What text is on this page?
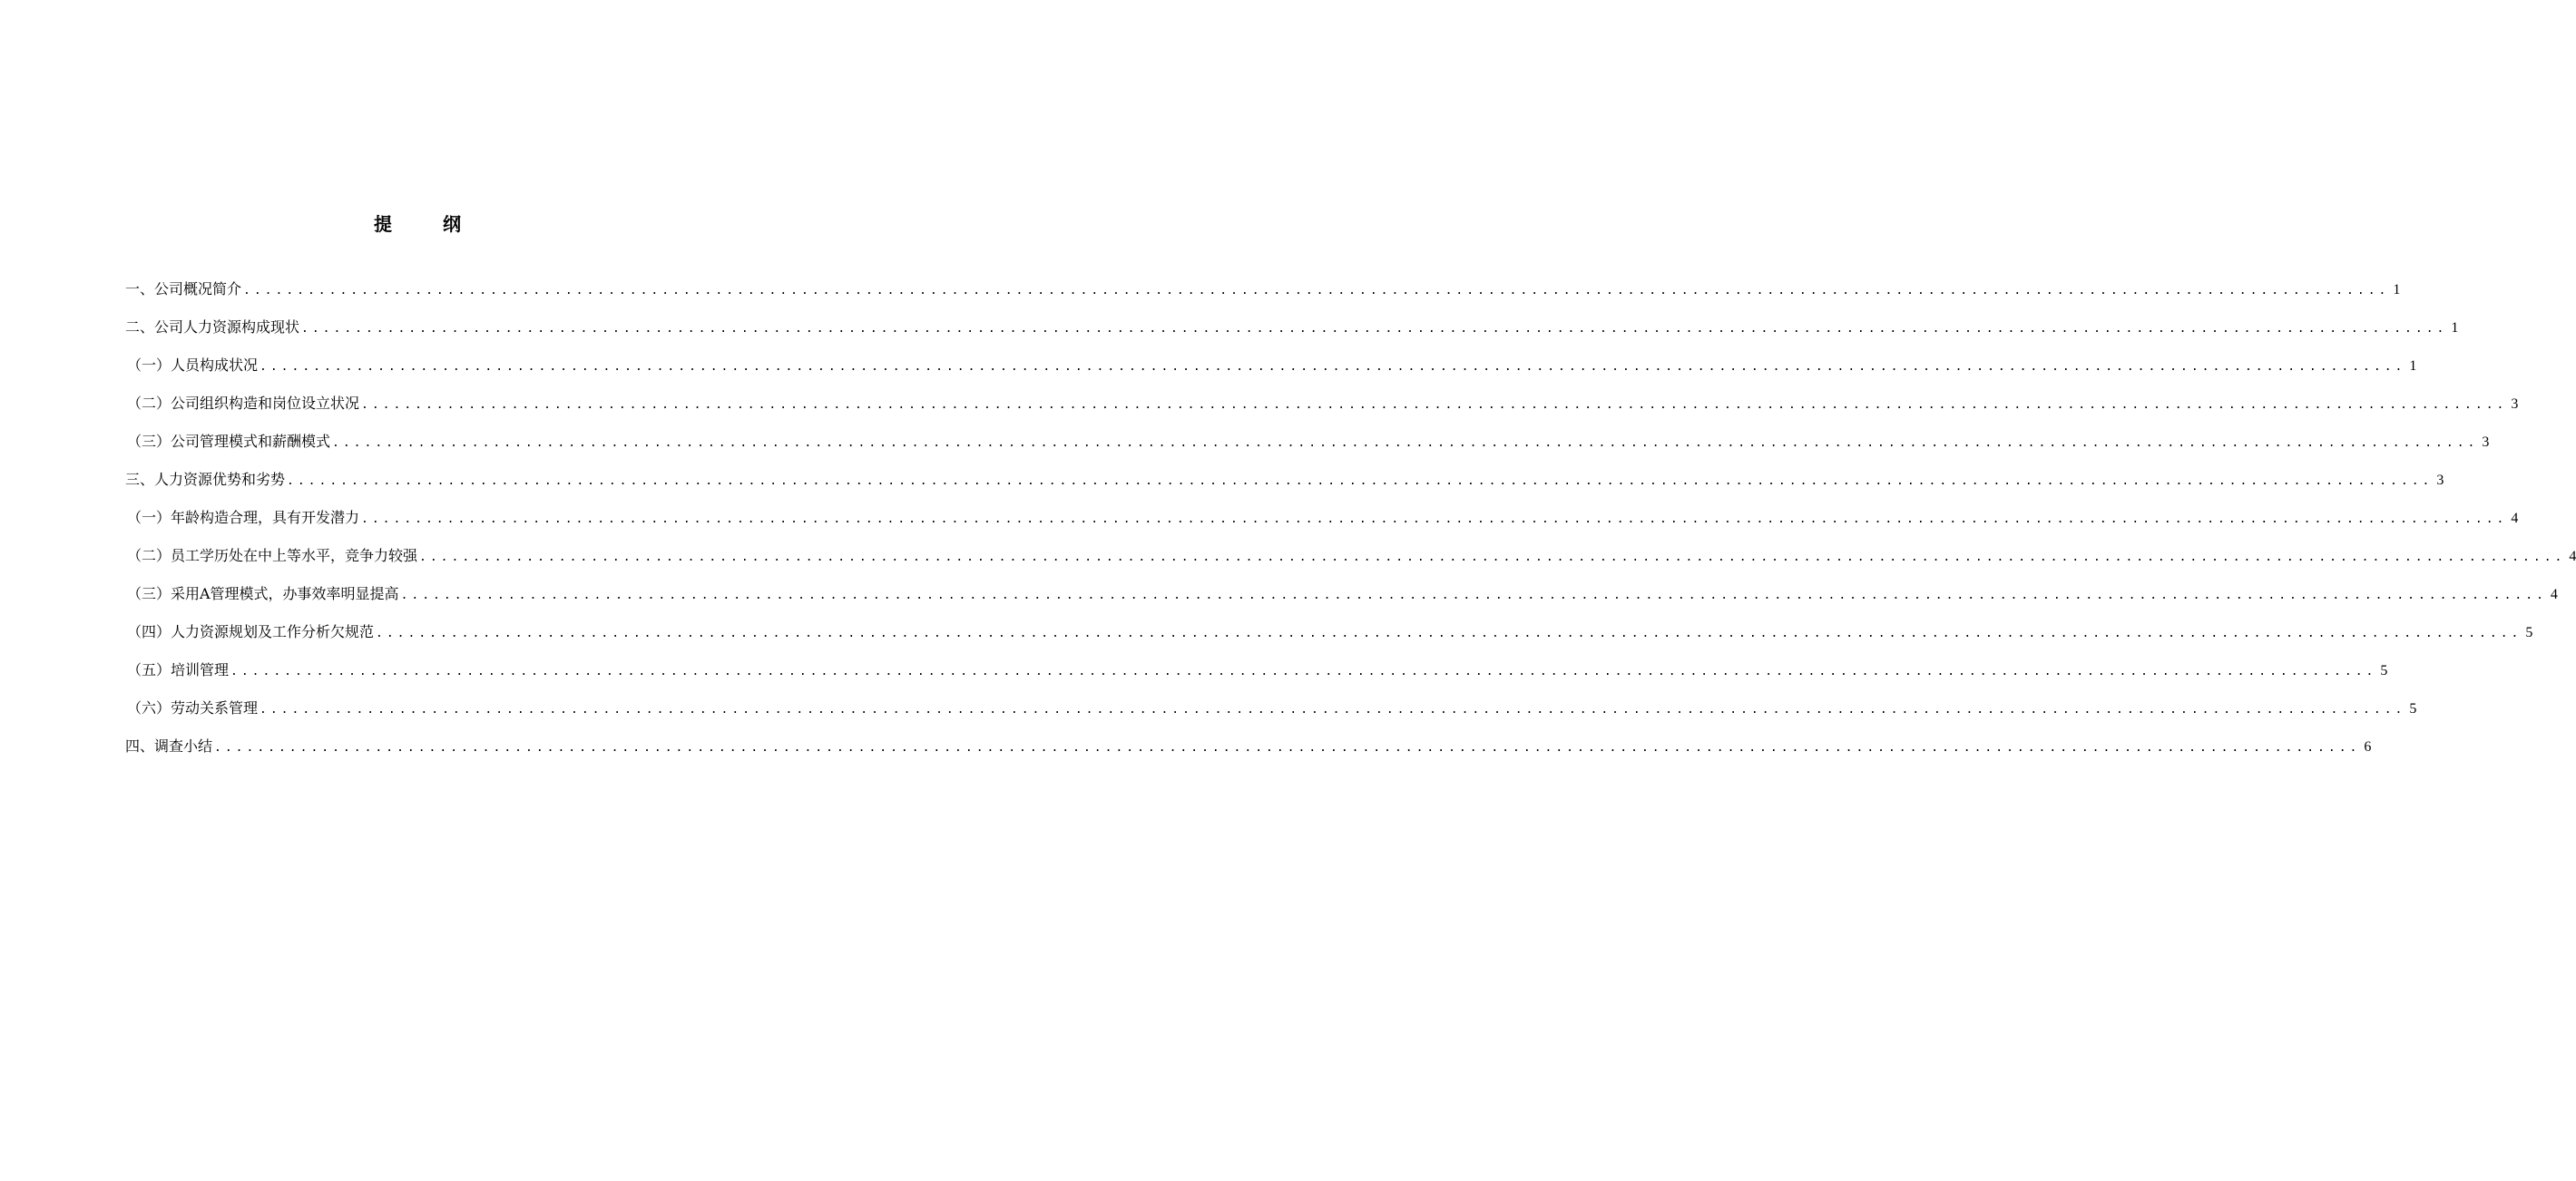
提　纲
一、公司概况简介 ........................................................................................................................................................................................................ 1
二、公司人力资源构成现状 ........................................................................................................................................................................................................ 1
（一）人员构成状况 ........................................................................................................................................................................................................ 1
（二）公司组织构造和岗位设立状况 ........................................................................................................................................................................................................ 3
（三）公司管理模式和薪酬模式 ........................................................................................................................................................................................................ 3
三、人力资源优势和劣势 ........................................................................................................................................................................................................ 3
（一）年龄构造合理，具有开发潜力 ........................................................................................................................................................................................................ 4
（二）员工学历处在中上等水平，竞争力较强 ........................................................................................................................................................................................................ 4
（三）采用A管理模式，办事效率明显提高 ........................................................................................................................................................................................................ 4
（四）人力资源规划及工作分析欠规范 ........................................................................................................................................................................................................ 5
（五）培训管理 ........................................................................................................................................................................................................ 5
（六）劳动关系管理 ........................................................................................................................................................................................................ 5
四、调查小结 ........................................................................................................................................................................................................ 6
